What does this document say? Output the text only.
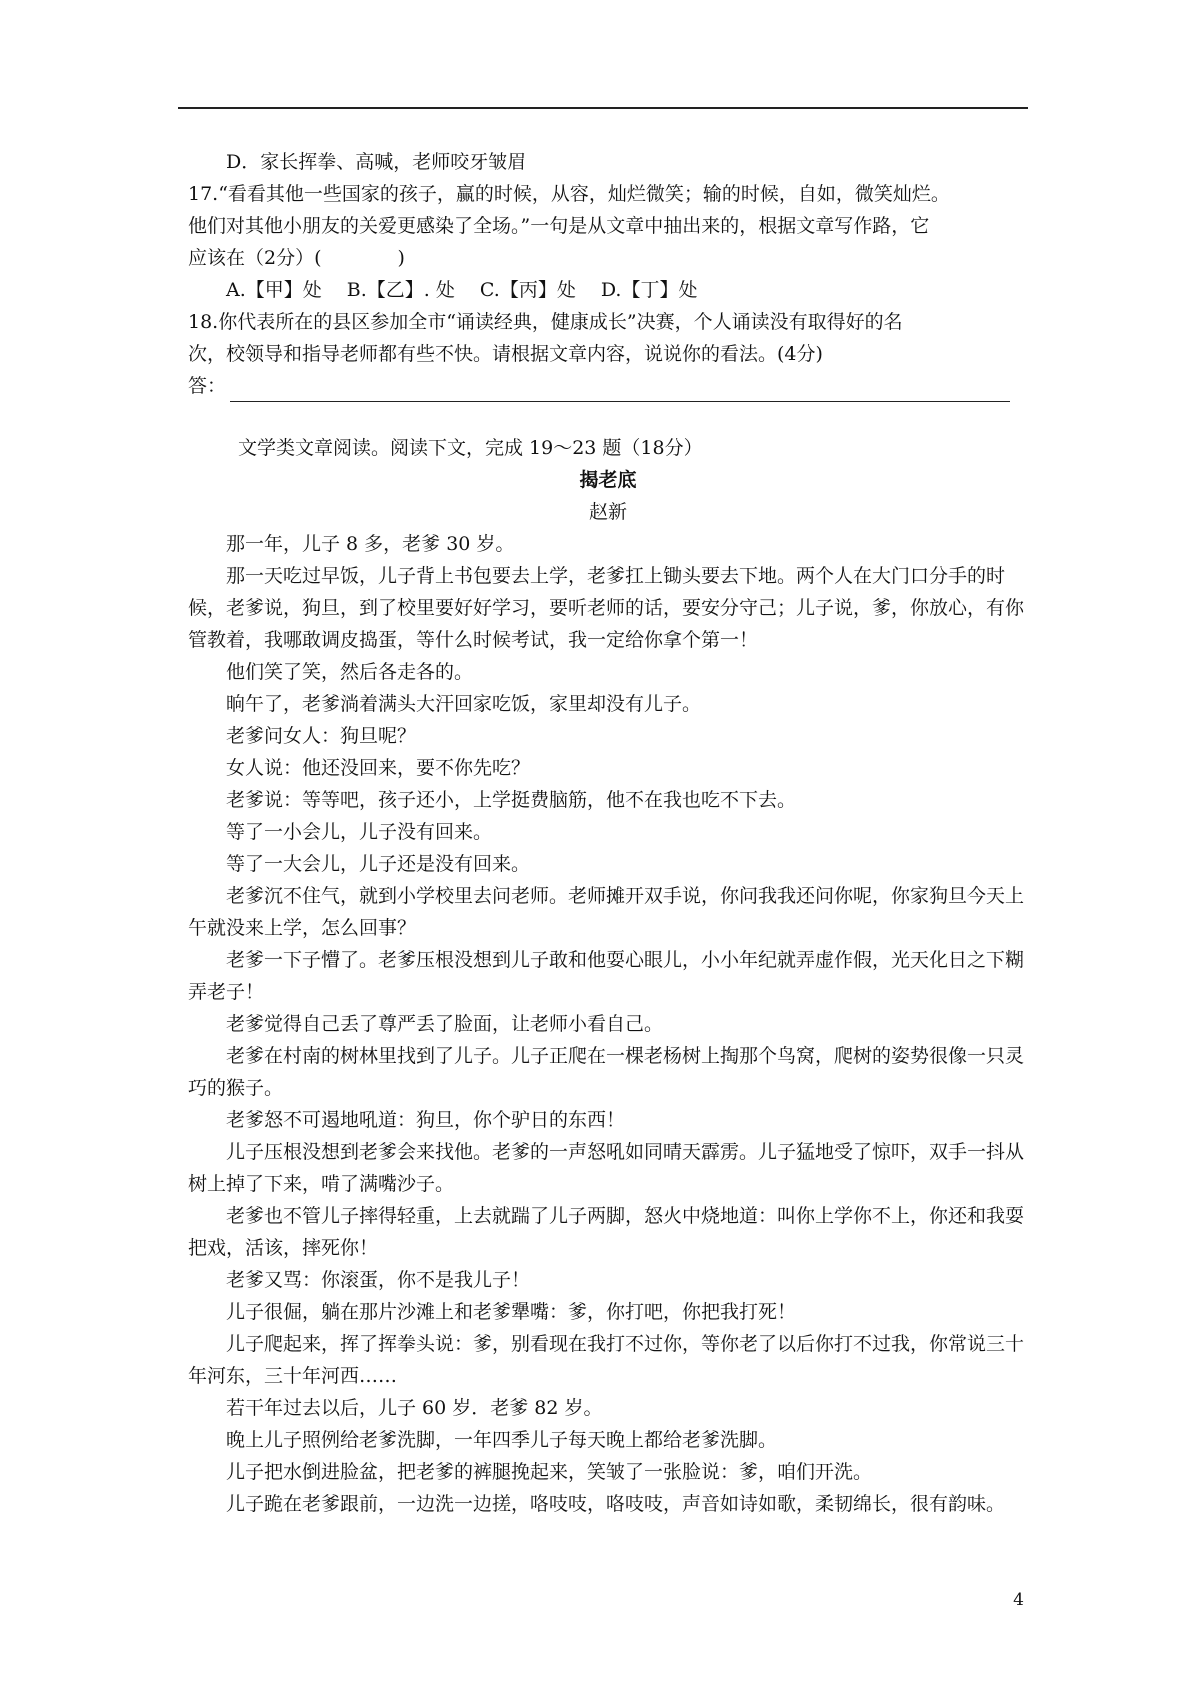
D．家长挥拳、高喊，老师咬牙皱眉

17.“看看其他一些国家的孩子，赢的时候，从容，灿烂微笑；输的时候，自如，微笑灿烂。

他们对其他小朋友的关爱更感染了全场。”一句是从文章中抽出来的，根据文章写作路，它

应该在（2分）(　　　　)

A.【甲】处　 B.【乙】. 处　 C.【丙】处　 D.【丁】处

18.你代表所在的县区参加全市“诵读经典，健康成长”决赛，个人诵读没有取得好的名

次，校领导和指导老师都有些不快。请根据文章内容，说说你的看法。(4分)

答：

文学类文章阅读。阅读下文，完成 19～23 题（18分）

揭老底

赵新

那一年，儿子 8 多，老爹 30 岁。

那一天吃过早饭，儿子背上书包要去上学，老爹扛上锄头要去下地。两个人在大门口分手的时候，老爹说，狗旦，到了校里要好好学习，要听老师的话，要安分守己；儿子说，爹，你放心，有你管教着，我哪敢调皮捣蛋，等什么时候考试，我一定给你拿个第一！

他们笑了笑，然后各走各的。

晌午了，老爹淌着满头大汗回家吃饭，家里却没有儿子。

老爹问女人：狗旦呢？

女人说：他还没回来，要不你先吃？

老爹说：等等吧，孩子还小，上学挺费脑筋，他不在我也吃不下去。

等了一小会儿，儿子没有回来。

等了一大会儿，儿子还是没有回来。

老爹沉不住气，就到小学校里去问老师。老师摊开双手说，你问我我还问你呢，你家狗旦今天上午就没来上学，怎么回事？

老爹一下子懵了。老爹压根没想到儿子敢和他耍心眼儿，小小年纪就弄虚作假，光天化日之下糊弄老子！

老爹觉得自己丢了尊严丢了脸面，让老师小看自己。

老爹在村南的树林里找到了儿子。儿子正爬在一棵老杨树上掏那个鸟窝，爬树的姿势很像一只灵巧的猴子。

老爹怒不可遏地吼道：狗旦，你个驴日的东西！

儿子压根没想到老爹会来找他。老爹的一声怒吼如同晴天霹雳。儿子猛地受了惊吓，双手一抖从树上掉了下来，啃了满嘴沙子。

老爹也不管儿子摔得轻重，上去就踹了儿子两脚，怒火中烧地道：叫你上学你不上，你还和我耍把戏，活该，摔死你！

老爹又骂：你滚蛋，你不是我儿子！

儿子很倔，躺在那片沙滩上和老爹犟嘴：爹，你打吧，你把我打死！

儿子爬起来，挥了挥拳头说：爹，别看现在我打不过你，等你老了以后你打不过我，你常说三十年河东，三十年河西……

若干年过去以后，儿子 60 岁．老爹 82 岁。

晚上儿子照例给老爹洗脚，一年四季儿子每天晚上都给老爹洗脚。

儿子把水倒进脸盆，把老爹的裤腿挽起来，笑皱了一张脸说：爹，咱们开洗。

儿子跪在老爹跟前，一边洗一边搓，咯吱吱，咯吱吱，声音如诗如歌，柔韧绵长，很有韵味。

4
